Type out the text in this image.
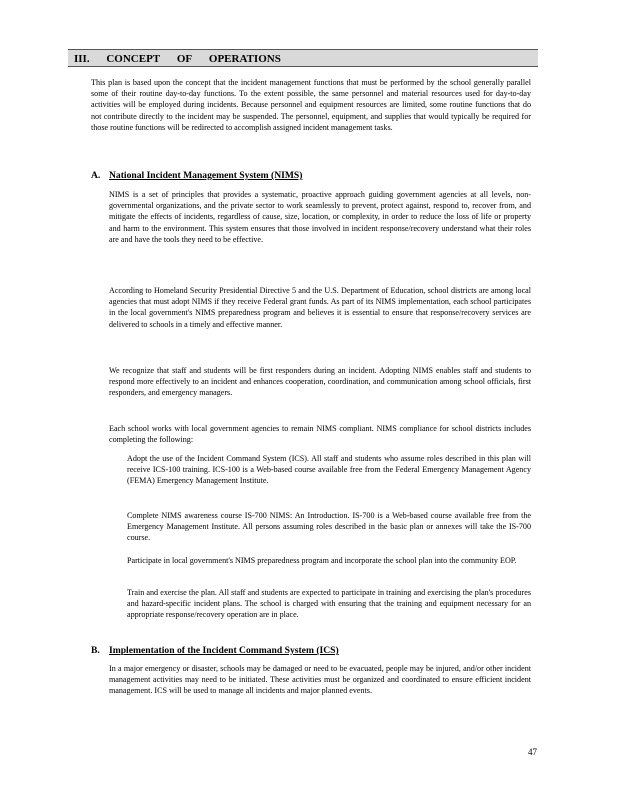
III. CONCEPT OF OPERATIONS

This plan is based upon the concept that the incident management functions that must be performed by the school generally parallel some of their routine day-to-day functions. To the extent possible, the same personnel and material resources used for day-to-day activities will be employed during incidents. Because personnel and equipment resources are limited, some routine functions that do not contribute directly to the incident may be suspended. The personnel, equipment, and supplies that would typically be required for those routine functions will be redirected to accomplish assigned incident management tasks.

A. National Incident Management System (NIMS)

NIMS is a set of principles that provides a systematic, proactive approach guiding government agencies at all levels, non-governmental organizations, and the private sector to work seamlessly to prevent, protect against, respond to, recover from, and mitigate the effects of incidents, regardless of cause, size, location, or complexity, in order to reduce the loss of life or property and harm to the environment. This system ensures that those involved in incident response/recovery understand what their roles are and have the tools they need to be effective.

According to Homeland Security Presidential Directive 5 and the U.S. Department of Education, school districts are among local agencies that must adopt NIMS if they receive Federal grant funds. As part of its NIMS implementation, each school participates in the local government's NIMS preparedness program and believes it is essential to ensure that response/recovery services are delivered to schools in a timely and effective manner.

We recognize that staff and students will be first responders during an incident. Adopting NIMS enables staff and students to respond more effectively to an incident and enhances cooperation, coordination, and communication among school officials, first responders, and emergency managers.

Each school works with local government agencies to remain NIMS compliant. NIMS compliance for school districts includes completing the following:

Adopt the use of the Incident Command System (ICS). All staff and students who assume roles described in this plan will receive ICS-100 training. ICS-100 is a Web-based course available free from the Federal Emergency Management Agency (FEMA) Emergency Management Institute.

Complete NIMS awareness course IS-700 NIMS: An Introduction. IS-700 is a Web-based course available free from the Emergency Management Institute. All persons assuming roles described in the basic plan or annexes will take the IS-700 course.

Participate in local government's NIMS preparedness program and incorporate the school plan into the community EOP.

Train and exercise the plan. All staff and students are expected to participate in training and exercising the plan's procedures and hazard-specific incident plans. The school is charged with ensuring that the training and equipment necessary for an appropriate response/recovery operation are in place.

B. Implementation of the Incident Command System (ICS)

In a major emergency or disaster, schools may be damaged or need to be evacuated, people may be injured, and/or other incident management activities may need to be initiated. These activities must be organized and coordinated to ensure efficient incident management. ICS will be used to manage all incidents and major planned events.

47
